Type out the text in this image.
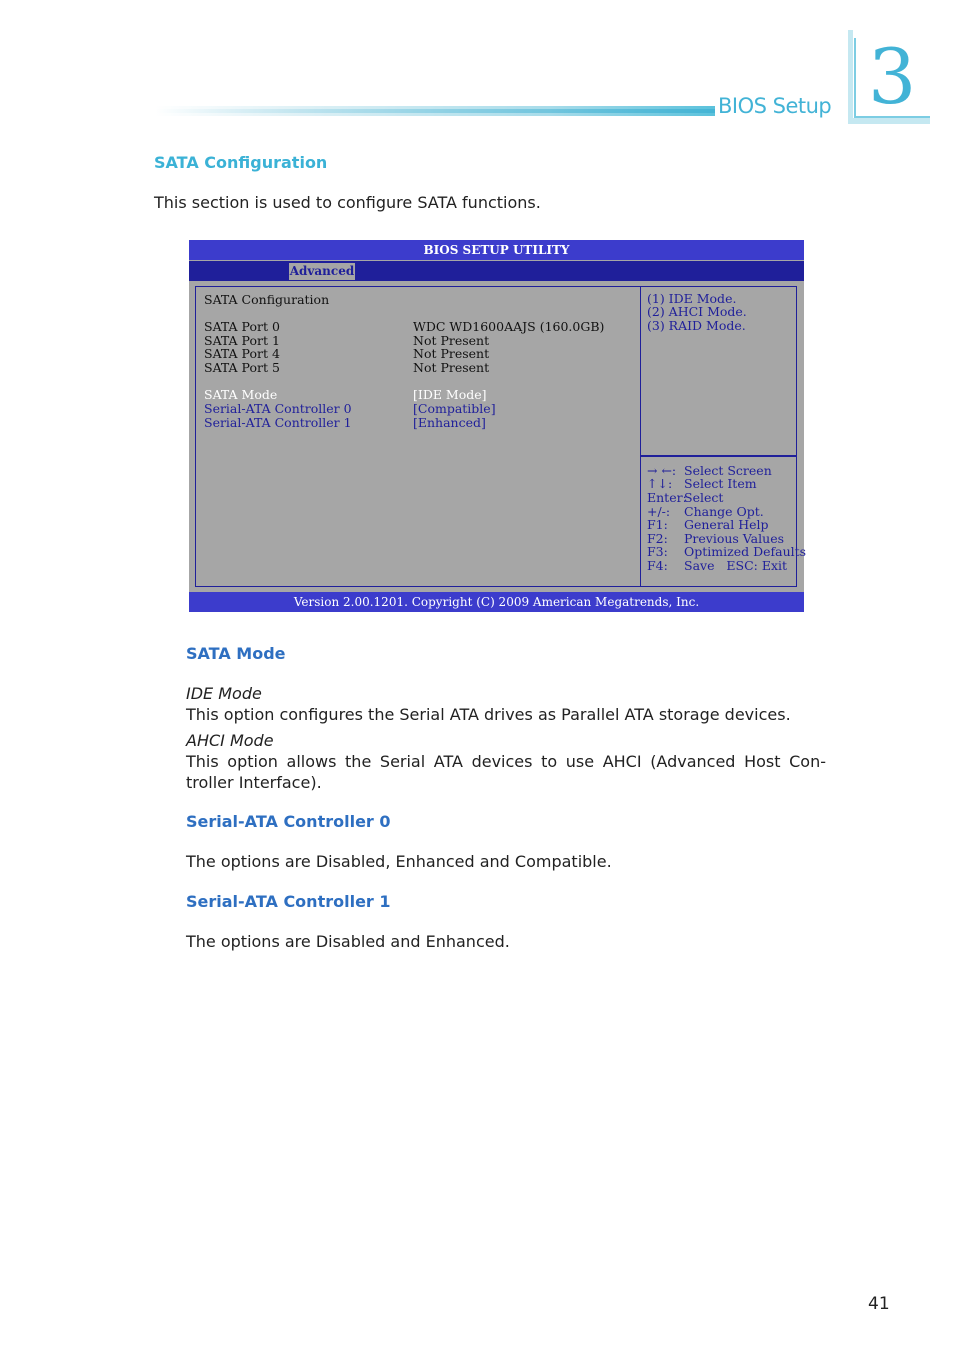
BIOS Setup 3
SATA Configuration
This section is used to configure SATA functions.
BIOS SETUP UTILITY
Advanced
SATA Configuration
SATA Port 0	WDC WD1600AAJS (160.0GB)
SATA Port 1	Not Present
SATA Port 4	Not Present
SATA Port 5	Not Present
SATA Mode	[IDE Mode]
Serial-ATA Controller 0	[Compatible]
Serial-ATA Controller 1	[Enhanced]
(1) IDE Mode.
(2) AHCI Mode.
(3) RAID Mode.
→ ←: Select Screen
↑↓: Select Item
Enter:
Select
+/-: Change Opt.
F1: General Help
F2: Previous Values
F3: Optimized Defaults
F4: Save   ESC: Exit
Version 2.00.1201. Copyright (C) 2009 American Megatrends, Inc.
SATA Mode
IDE Mode
This option configures the Serial ATA drives as Parallel ATA storage devices.
AHCI Mode
This option allows the Serial ATA devices to use AHCI (Advanced Host Con-
troller Interface).
Serial-ATA Controller 0
The options are Disabled, Enhanced and Compatible.
Serial-ATA Controller 1
The options are Disabled and Enhanced.
41
